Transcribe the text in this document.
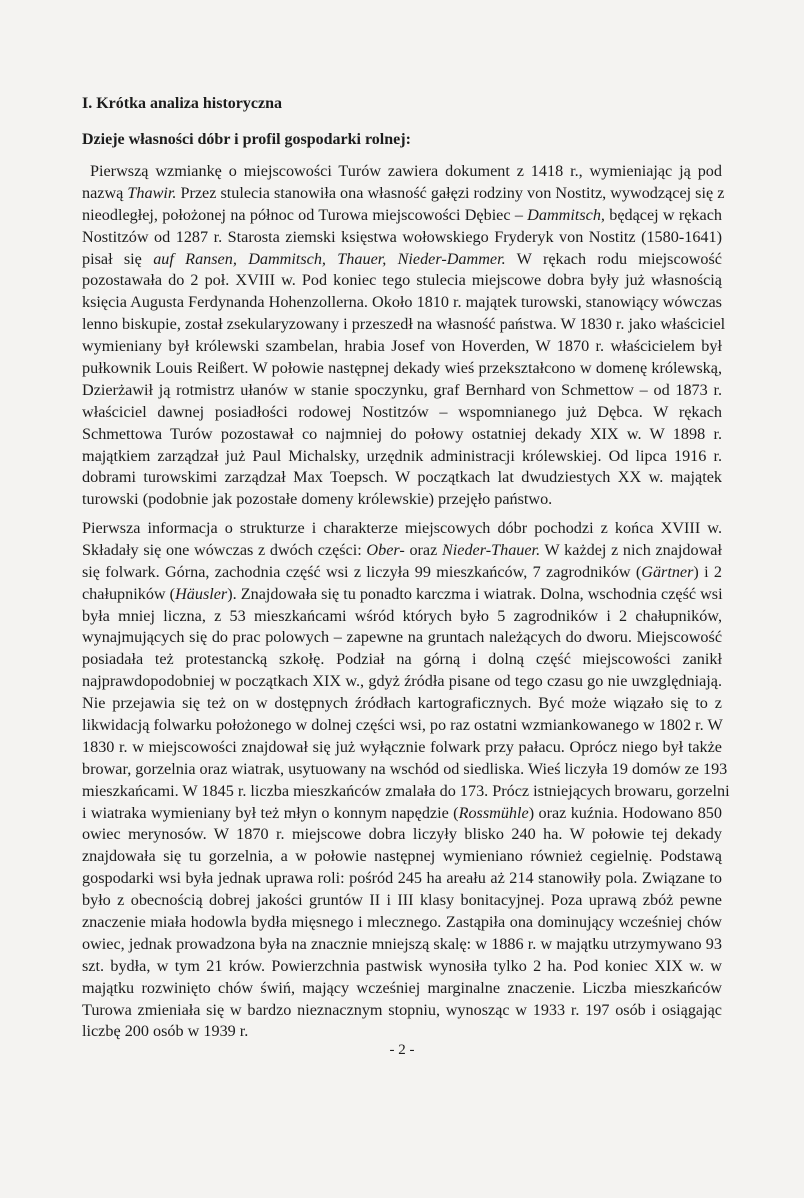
I. Krótka analiza historyczna
Dzieje własności dóbr i profil gospodarki rolnej:
Pierwszą wzmiankę o miejscowości Turów zawiera dokument z 1418 r., wymieniając ją pod
nazwą Thawir. Przez stulecia stanowiła ona własność gałęzi rodziny von Nostitz, wywodzącej się z
nieodległej, położonej na północ od Turowa miejscowości Dębiec – Dammitsch, będącej w rękach
Nostitzów od 1287 r. Starosta ziemski księstwa wołowskiego Fryderyk von Nostitz (1580-1641)
pisał się auf Ransen, Dammitsch, Thauer, Nieder-Dammer. W rękach rodu miejscowość
pozostawała do 2 poł. XVIII w. Pod koniec tego stulecia miejscowe dobra były już własnością
księcia Augusta Ferdynanda Hohenzollerna. Około 1810 r. majątek turowski, stanowiący wówczas
lenno biskupie, został zsekularyzowany i przeszedł na własność państwa. W 1830 r. jako właściciel
wymieniany był królewski szambelan, hrabia Josef von Hoverden, W 1870 r. właścicielem był
pułkownik Louis Reißert. W połowie następnej dekady wieś przekształcono w domenę królewską,
Dzierżawił ją rotmistrz ułanów w stanie spoczynku, graf Bernhard von Schmettow – od 1873 r.
właściciel dawnej posiadłości rodowej Nostitzów – wspomnianego już Dębca. W rękach
Schmettowa Turów pozostawał co najmniej do połowy ostatniej dekady XIX w. W 1898 r.
majątkiem zarządzał już Paul Michalsky, urzędnik administracji królewskiej. Od lipca 1916 r.
dobrami turowskimi zarządzał Max Toepsch. W początkach lat dwudziestych XX w. majątek
turowski (podobnie jak pozostałe domeny królewskie) przejęło państwo.
Pierwsza informacja o strukturze i charakterze miejscowych dóbr pochodzi z końca XVIII w.
Składały się one wówczas z dwóch części: Ober- oraz Nieder-Thauer. W każdej z nich znajdował
się folwark. Górna, zachodnia część wsi z liczyła 99 mieszkańców, 7 zagrodników (Gärtner) i 2
chałupników (Häusler). Znajdowała się tu ponadto karczma i wiatrak. Dolna, wschodnia część wsi
była mniej liczna, z 53 mieszkańcami wśród których było 5 zagrodników i 2 chałupników,
wynajmujących się do prac polowych – zapewne na gruntach należących do dworu. Miejscowość
posiadała też protestancką szkołę. Podział na górną i dolną część miejscowości zanikł
najprawdopodobniej w początkach XIX w., gdyż źródła pisane od tego czasu go nie uwzględniają.
Nie przejawia się też on w dostępnych źródłach kartograficznych. Być może wiązało się to z
likwidacją folwarku położonego w dolnej części wsi, po raz ostatni wzmiankowanego w 1802 r. W
1830 r. w miejscowości znajdował się już wyłącznie folwark przy pałacu. Oprócz niego był także
browar, gorzelnia oraz wiatrak, usytuowany na wschód od siedliska. Wieś liczyła 19 domów ze 193
mieszkańcami. W 1845 r. liczba mieszkańców zmalała do 173. Prócz istniejących browaru, gorzelni
i wiatraka wymieniany był też młyn o konnym napędzie (Rossmühle) oraz kuźnia. Hodowano 850
owiec merynosów. W 1870 r. miejscowe dobra liczyły blisko 240 ha. W połowie tej dekady
znajdowała się tu gorzelnia, a w połowie następnej wymieniano również cegielnię. Podstawą
gospodarki wsi była jednak uprawa roli: pośród 245 ha areału aż 214 stanowiły pola. Związane to
było z obecnością dobrej jakości gruntów II i III klasy bonitacyjnej. Poza uprawą zbóż pewne
znaczenie miała hodowla bydła mięsnego i mlecznego. Zastąpiła ona dominujący wcześniej chów
owiec, jednak prowadzona była na znacznie mniejszą skalę: w 1886 r. w majątku utrzymywano 93
szt. bydła, w tym 21 krów. Powierzchnia pastwisk wynosiła tylko 2 ha. Pod koniec XIX w. w
majątku rozwinięto chów świń, mający wcześniej marginalne znaczenie. Liczba mieszkańców
Turowa zmieniała się w bardzo nieznacznym stopniu, wynosząc w 1933 r. 197 osób i osiągając
liczbę 200 osób w 1939 r.
- 2 -
